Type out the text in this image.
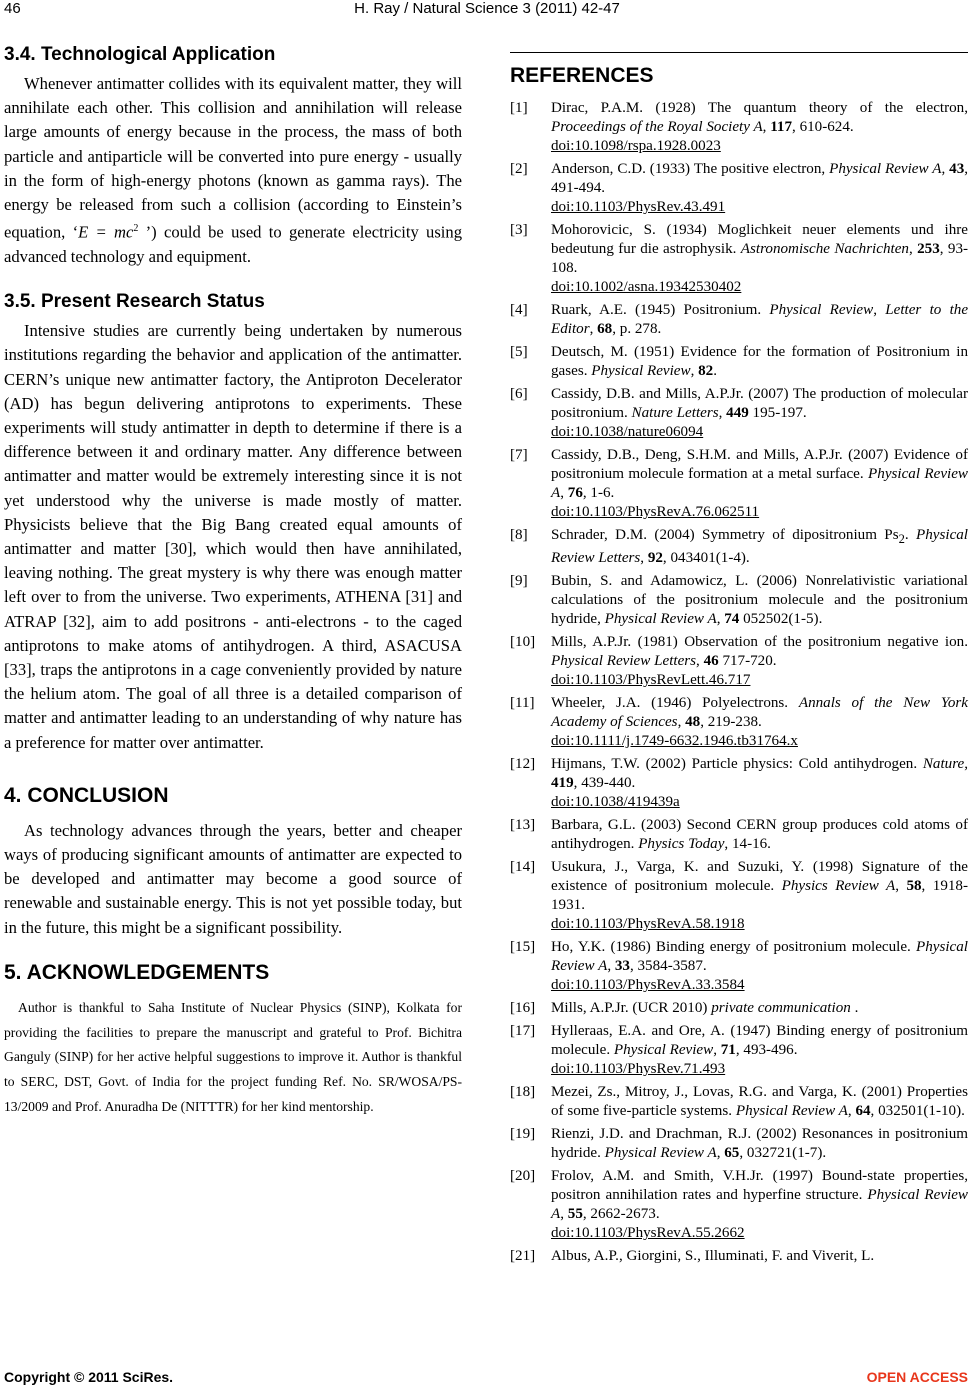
46	H. Ray / Natural Science 3 (2011) 42-47
3.4. Technological Application

Whenever antimatter collides with its equivalent matter, they will annihilate each other. This collision and annihilation will release large amounts of energy because in the process, the mass of both particle and antiparticle will be converted into pure energy - usually in the form of high-energy photons (known as gamma rays). The energy be released from such a collision (according to Einstein’s equation, ‘$E = mc^2$ ’) could be used to generate electricity using advanced technology and equipment.

3.5. Present Research Status

Intensive studies are currently being undertaken by numerous institutions regarding the behavior and application of the antimatter. CERN’s unique new antimatter factory, the Antiproton Decelerator (AD) has begun delivering antiprotons to experiments. These experiments will study antimatter in depth to determine if there is a difference between it and ordinary matter. Any difference between antimatter and matter would be extremely interesting since it is not yet understood why the universe is made mostly of matter. Physicists believe that the Big Bang created equal amounts of antimatter and matter [30], which would then have annihilated, leaving nothing. The great mystery is why there was enough matter left over to from the universe. Two experiments, ATHENA [31] and ATRAP [32], aim to add positrons - anti-electrons - to the caged antiprotons to make atoms of antihydrogen. A third, ASACUSA [33], traps the antiprotons in a cage conveniently provided by nature the helium atom. The goal of all three is a detailed comparison of matter and antimatter leading to an understanding of why nature has a preference for matter over antimatter.

4. CONCLUSION

As technology advances through the years, better and cheaper ways of producing significant amounts of antimatter are expected to be developed and antimatter may become a good source of renewable and sustainable energy. This is not yet possible today, but in the future, this might be a significant possibility.

5. ACKNOWLEDGEMENTS

Author is thankful to Saha Institute of Nuclear Physics (SINP), Kolkata for providing the facilities to prepare the manuscript and grateful to Prof. Bichitra Ganguly (SINP) for her active helpful suggestions to improve it. Author is thankful to SERC, DST, Govt. of India for the project funding Ref. No. SR/WOSA/PS-13/2009 and Prof. Anuradha De (NITTTR) for her kind mentorship.

REFERENCES
[1]	Dirac, P.A.M. (1928) The quantum theory of the electron, Proceedings of the Royal Society A, 117, 610-624.
doi:10.1098/rspa.1928.0023
[2]	Anderson, C.D. (1933) The positive electron, Physical Review A, 43, 491-494.
doi:10.1103/PhysRev.43.491
[3]	Mohorovicic, S. (1934) Moglichkeit neuer elements und ihre bedeutung fur die astrophysik. Astronomische Nachrichten, 253, 93-108.
doi:10.1002/asna.19342530402
[4]	Ruark, A.E. (1945) Positronium. Physical Review, Letter to the Editor, 68, p. 278.
[5]	Deutsch, M. (1951) Evidence for the formation of Positronium in gases. Physical Review, 82.
[6]	Cassidy, D.B. and Mills, A.P.Jr. (2007) The production of molecular positronium. Nature Letters, 449 195-197.
doi:10.1038/nature06094
[7]	Cassidy, D.B., Deng, S.H.M. and Mills, A.P.Jr. (2007) Evidence of positronium molecule formation at a metal surface. Physical Review A, 76, 1-6.
doi:10.1103/PhysRevA.76.062511
[8]	Schrader, D.M. (2004) Symmetry of dipositronium $Ps_2$. Physical Review Letters, 92, 043401(1-4).
[9]	Bubin, S. and Adamowicz, L. (2006) Nonrelativistic variational calculations of the positronium molecule and the positronium hydride, Physical Review A, 74 052502(1-5).
[10]	Mills, A.P.Jr. (1981) Observation of the positronium negative ion. Physical Review Letters, 46 717-720.
doi:10.1103/PhysRevLett.46.717
[11]	Wheeler, J.A. (1946) Polyelectrons. Annals of the New York Academy of Sciences, 48, 219-238.
doi:10.1111/j.1749-6632.1946.tb31764.x
[12]	Hijmans, T.W. (2002) Particle physics: Cold antihydrogen. Nature, 419, 439-440.
doi:10.1038/419439a
[13]	Barbara, G.L. (2003) Second CERN group produces cold atoms of antihydrogen. Physics Today, 14-16.
[14]	Usukura, J., Varga, K. and Suzuki, Y. (1998) Signature of the existence of positronium molecule. Physics Review A, 58, 1918-1931.
doi:10.1103/PhysRevA.58.1918
[15]	Ho, Y.K. (1986) Binding energy of positronium molecule. Physical Review A, 33, 3584-3587.
doi:10.1103/PhysRevA.33.3584
[16]	Mills, A.P.Jr. (UCR 2010) private communication .
[17]	Hylleraas, E.A. and Ore, A. (1947) Binding energy of positronium molecule. Physical Review, 71, 493-496.
doi:10.1103/PhysRev.71.493
[18]	Mezei, Zs., Mitroy, J., Lovas, R.G. and Varga, K. (2001) Properties of some five-particle systems. Physical Review A, 64, 032501(1-10).
[19]	Rienzi, J.D. and Drachman, R.J. (2002) Resonances in positronium hydride. Physical Review A, 65, 032721(1-7).
[20]	Frolov, A.M. and Smith, V.H.Jr. (1997) Bound-state properties, positron annihilation rates and hyperfine structure. Physical Review A, 55, 2662-2673.
doi:10.1103/PhysRevA.55.2662
[21]	Albus, A.P., Giorgini, S., Illuminati, F. and Viverit, L.
Copyright © 2011 SciRes.	OPEN ACCESS
